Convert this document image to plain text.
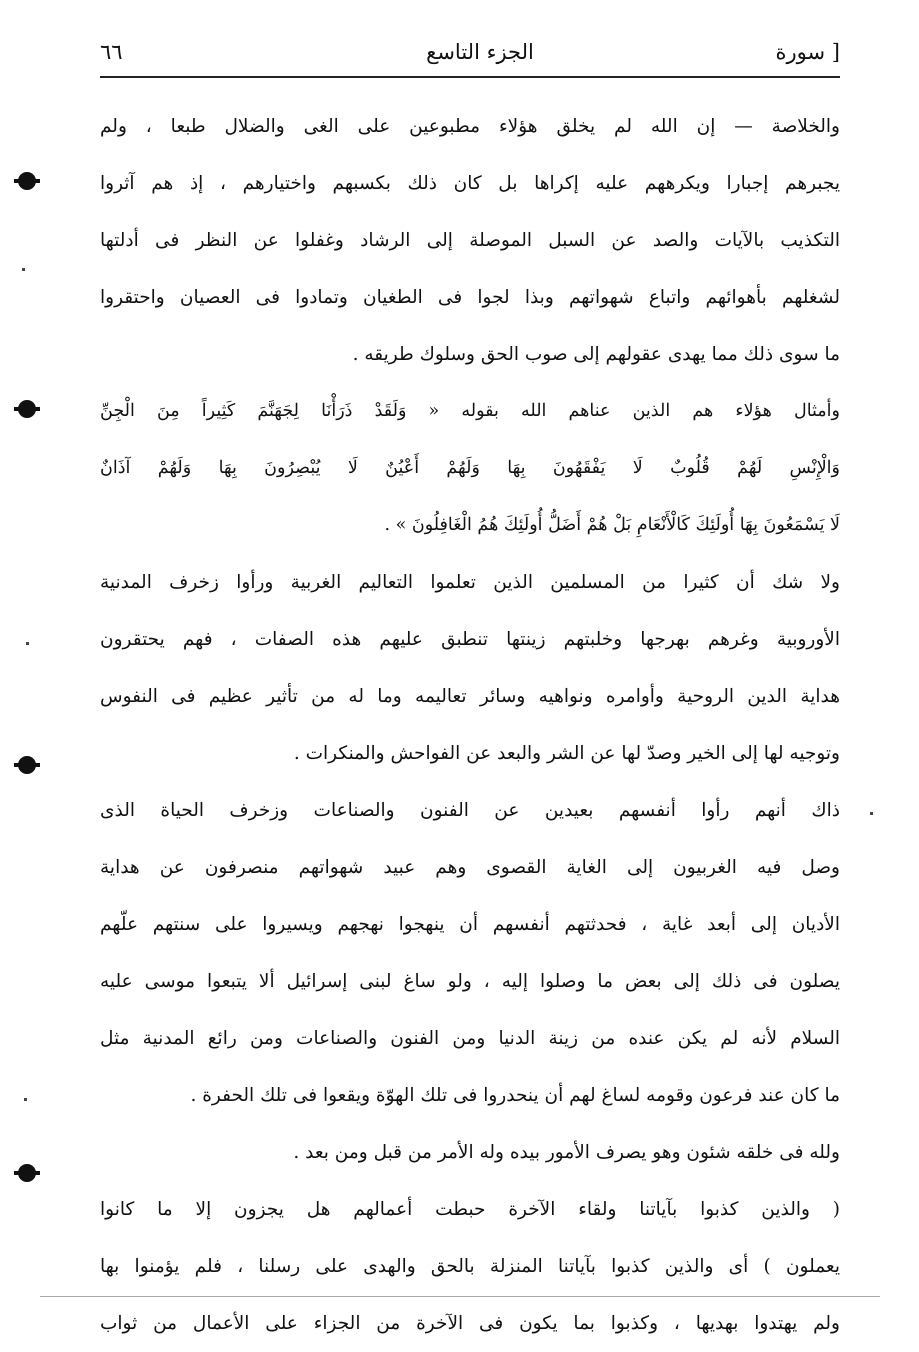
٦٦	الجزء التاسع	[ سورة
والخلاصة — إن الله لم يخلق هؤلاء مطبوعين على الغى والضلال طبعا ، ولم
يجبرهم إجبارا ويكرههم عليه إكراها بل كان ذلك بكسبهم واختيارهم ، إذ هم آثروا
التكذيب بالآيات والصد عن السبل الموصلة إلى الرشاد وغفلوا عن النظر فى أدلتها
لشغلهم بأهوائهم واتباع شهواتهم وبذا لجوا فى الطغيان وتمادوا فى العصيان واحتقروا
ما سوى ذلك مما يهدى عقولهم إلى صوب الحق وسلوك طريقه .
وأمثال هؤلاء هم الذين عناهم الله بقوله « وَلَقَدْ ذَرَأْنَا لِجَهَنَّمَ كَثِيراً مِنَ الْجِنِّ
وَالْإِنْسِ لَهُمْ قُلُوبٌ لَا يَفْقَهُونَ بِهَا وَلَهُمْ أَعْيُنٌ لَا يُبْصِرُونَ بِهَا وَلَهُمْ آذَانٌ
لَا يَسْمَعُونَ بِهَا أُولَئِكَ كَالْأَنْعَامِ بَلْ هُمْ أَضَلُّ أُولَئِكَ هُمُ الْغَافِلُونَ » .
ولا شك أن كثيرا من المسلمين الذين تعلموا التعاليم الغربية ورأوا زخرف المدنية
الأوروبية وغرهم بهرجها وخلبتهم زينتها تنطبق عليهم هذه الصفات ، فهم يحتقرون
هداية الدين الروحية وأوامره ونواهيه وسائر تعاليمه وما له من تأثير عظيم فى النفوس
وتوجيه لها إلى الخير وصدّ لها عن الشر والبعد عن الفواحش والمنكرات .
ذاك أنهم رأوا أنفسهم بعيدين عن الفنون والصناعات وزخرف الحياة الذى
وصل فيه الغربيون إلى الغاية القصوى وهم عبيد شهواتهم منصرفون عن هداية
الأديان إلى أبعد غاية ، فحدثتهم أنفسهم أن ينهجوا نهجهم ويسيروا على سنتهم علّهم
يصلون فى ذلك إلى بعض ما وصلوا إليه ، ولو ساغ لبنى إسرائيل ألا يتبعوا موسى عليه
السلام لأنه لم يكن عنده من زينة الدنيا ومن الفنون والصناعات ومن رائع المدنية مثل
ما كان عند فرعون وقومه لساغ لهم أن ينحدروا فى تلك الهوّة ويقعوا فى تلك الحفرة .
ولله فى خلقه شئون وهو يصرف الأمور بيده وله الأمر من قبل ومن بعد .
( والذين كذبوا بآياتنا ولقاء الآخرة حبطت أعمالهم هل يجزون إلا ما كانوا
يعملون ) أى والذين كذبوا بآياتنا المنزلة بالحق والهدى على رسلنا ، فلم يؤمنوا بها
ولم يهتدوا بهديها ، وكذبوا بما يكون فى الآخرة من الجزاء على الأعمال من ثواب
